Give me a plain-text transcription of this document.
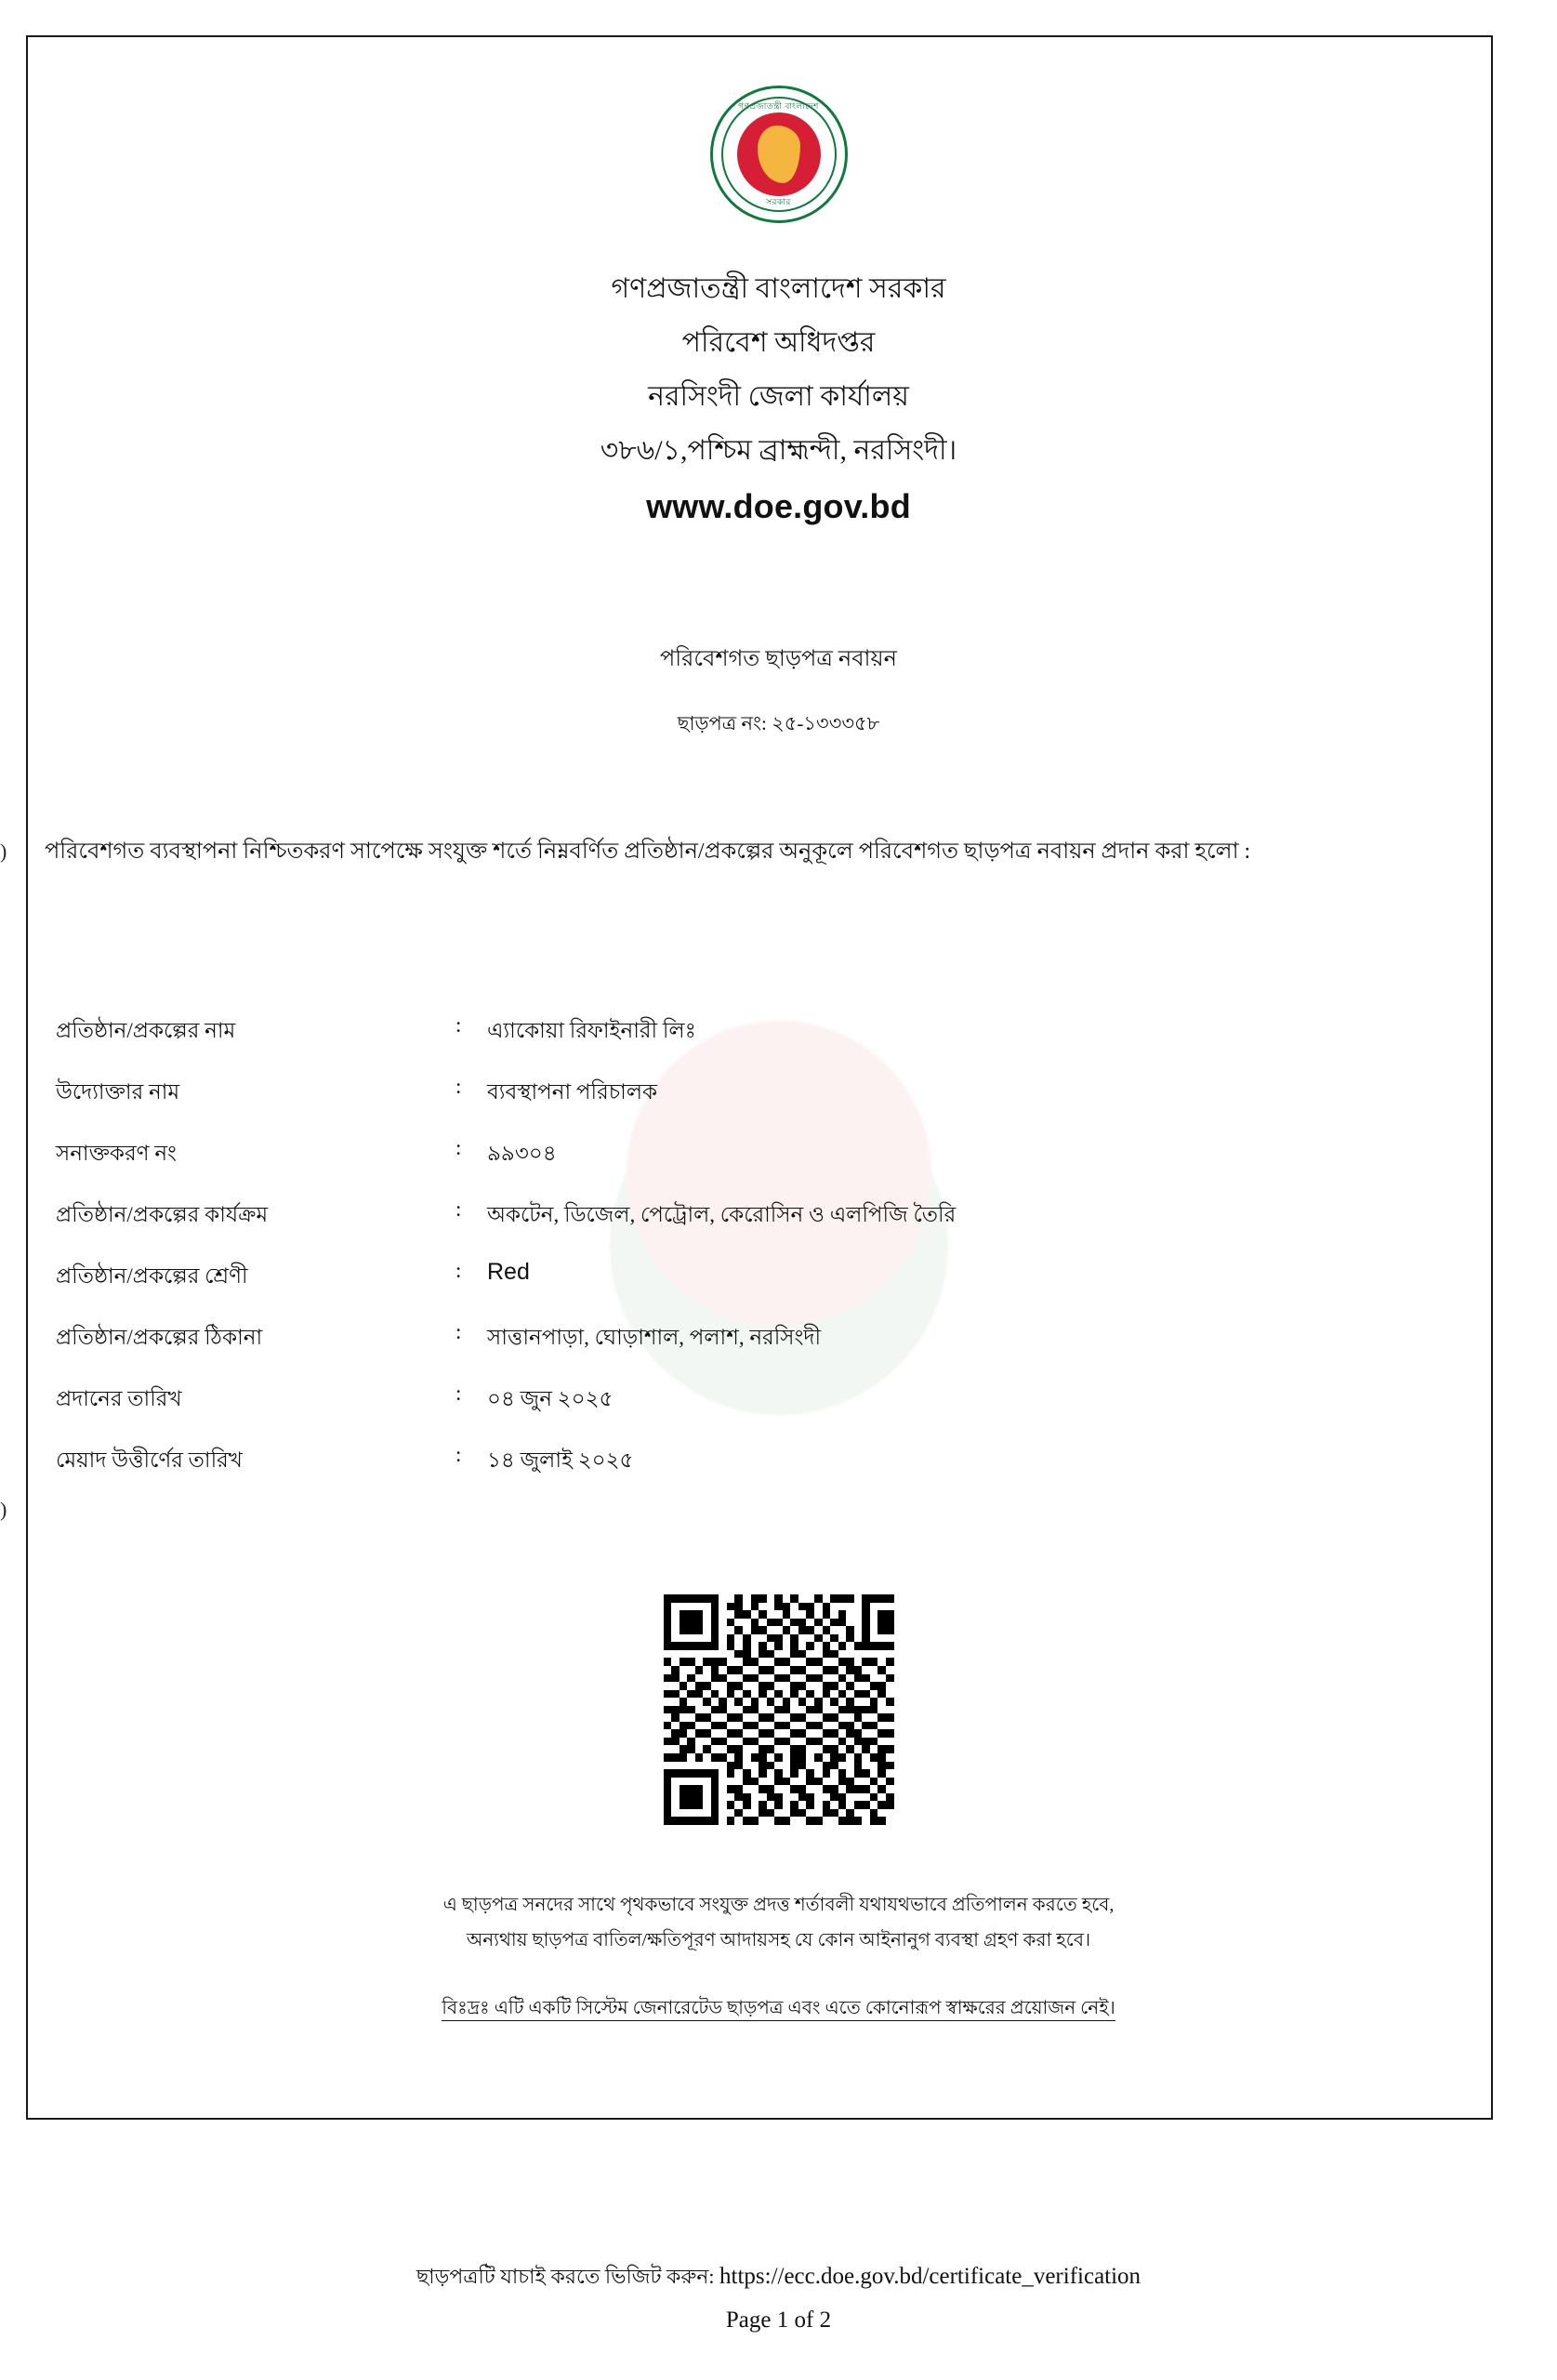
)
)
গণপ্রজাতন্ত্রী বাংলাদেশ
সরকার
গণপ্রজাতন্ত্রী বাংলাদেশ সরকার
পরিবেশ অধিদপ্তর
নরসিংদী জেলা কার্যালয়
৩৮৬/১,পশ্চিম ব্রাহ্মন্দী, নরসিংদী।
www.doe.gov.bd
পরিবেশগত ছাড়পত্র নবায়ন
ছাড়পত্র নং: ২৫-১৩৩৩৫৮
পরিবেশগত ব্যবস্থাপনা নিশ্চিতকরণ সাপেক্ষে সংযুক্ত শর্তে নিম্নবর্ণিত প্রতিষ্ঠান/প্রকল্পের অনুকূলে পরিবেশগত ছাড়পত্র নবায়ন প্রদান করা হলো :
প্রতিষ্ঠান/প্রকল্পের নাম	:	এ্যাকোয়া রিফাইনারী লিঃ
উদ্যোক্তার নাম	:	ব্যবস্থাপনা পরিচালক
সনাক্তকরণ নং	:	৯৯৩০৪
প্রতিষ্ঠান/প্রকল্পের কার্যক্রম	:	অকটেন, ডিজেল, পেট্রোল, কেরোসিন ও এলপিজি তৈরি
প্রতিষ্ঠান/প্রকল্পের শ্রেণী	:	Red
প্রতিষ্ঠান/প্রকল্পের ঠিকানা	:	সাত্তানপাড়া, ঘোড়াশাল, পলাশ, নরসিংদী
প্রদানের তারিখ	:	০৪ জুন ২০২৫
মেয়াদ উত্তীর্ণের তারিখ	:	১৪ জুলাই ২০২৫
এ ছাড়পত্র সনদের সাথে পৃথকভাবে সংযুক্ত প্রদত্ত শর্তাবলী যথাযথভাবে প্রতিপালন করতে হবে,
অন্যথায় ছাড়পত্র বাতিল/ক্ষতিপূরণ আদায়সহ যে কোন আইনানুগ ব্যবস্থা গ্রহণ করা হবে।
বিঃদ্রঃ এটি একটি সিস্টেম জেনারেটেড ছাড়পত্র এবং এতে কোনোরূপ স্বাক্ষরের প্রয়োজন নেই।
ছাড়পত্রটি যাচাই করতে ভিজিট করুন: https://ecc.doe.gov.bd/certificate_verification
Page 1 of 2
